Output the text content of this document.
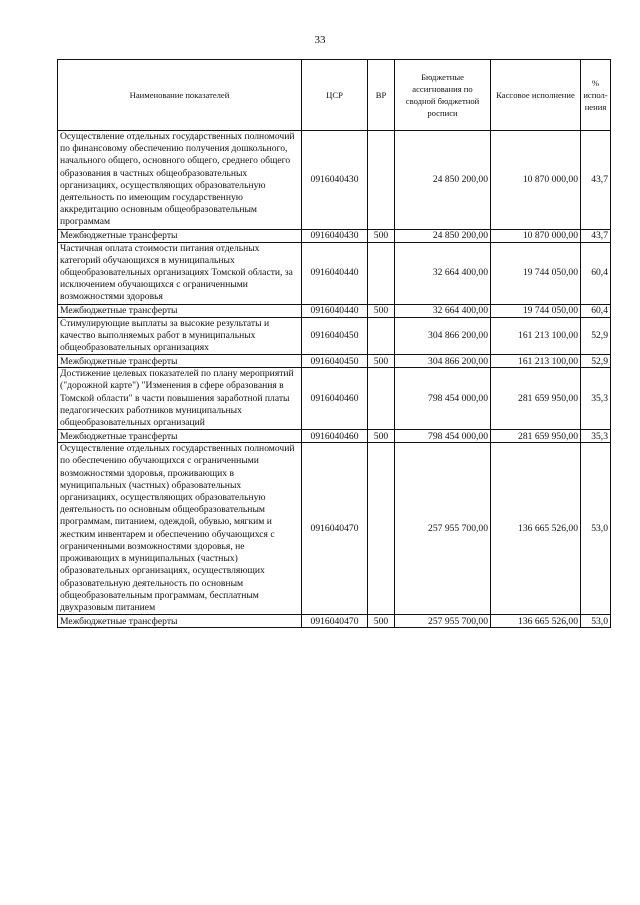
33
Наименование показателей	ЦСР	ВР	Бюджетные ассигнования по сводной бюджетной росписи	Кассовое исполнение	% испол-нения
Осуществление отдельных государственных полномочий по финансовому обеспечению получения дошкольного, начального общего, основного общего, среднего общего образования в частных общеобразовательных организациях, осуществляющих образовательную деятельность по имеющим государственную аккредитацию основным общеобразовательным программам	0916040430		24 850 200,00	10 870 000,00	43,7
Межбюджетные трансферты	0916040430	500	24 850 200,00	10 870 000,00	43,7
Частичная оплата стоимости питания отдельных категорий обучающихся в муниципальных общеобразовательных организациях Томской области, за исключением обучающихся с ограниченными возможностями здоровья	0916040440		32 664 400,00	19 744 050,00	60,4
Межбюджетные трансферты	0916040440	500	32 664 400,00	19 744 050,00	60,4
Стимулирующие выплаты за высокие результаты и качество выполняемых работ в муниципальных общеобразовательных организациях	0916040450		304 866 200,00	161 213 100,00	52,9
Межбюджетные трансферты	0916040450	500	304 866 200,00	161 213 100,00	52,9
Достижение целевых показателей по плану мероприятий ("дорожной карте") "Изменения в сфере образования в Томской области" в части повышения заработной платы педагогических работников муниципальных общеобразовательных организаций	0916040460		798 454 000,00	281 659 950,00	35,3
Межбюджетные трансферты	0916040460	500	798 454 000,00	281 659 950,00	35,3
Осуществление отдельных государственных полномочий по обеспечению обучающихся с ограниченными возможностями здоровья, проживающих в муниципальных (частных) образовательных организациях, осуществляющих образовательную деятельность по основным общеобразовательным программам, питанием, одеждой, обувью, мягким и жестким инвентарем и обеспечению обучающихся с ограниченными возможностями здоровья, не проживающих в муниципальных (частных) образовательных организациях, осуществляющих образовательную деятельность по основным общеобразовательным программам, бесплатным двухразовым питанием	0916040470		257 955 700,00	136 665 526,00	53,0
Межбюджетные трансферты	0916040470	500	257 955 700,00	136 665 526,00	53,0
